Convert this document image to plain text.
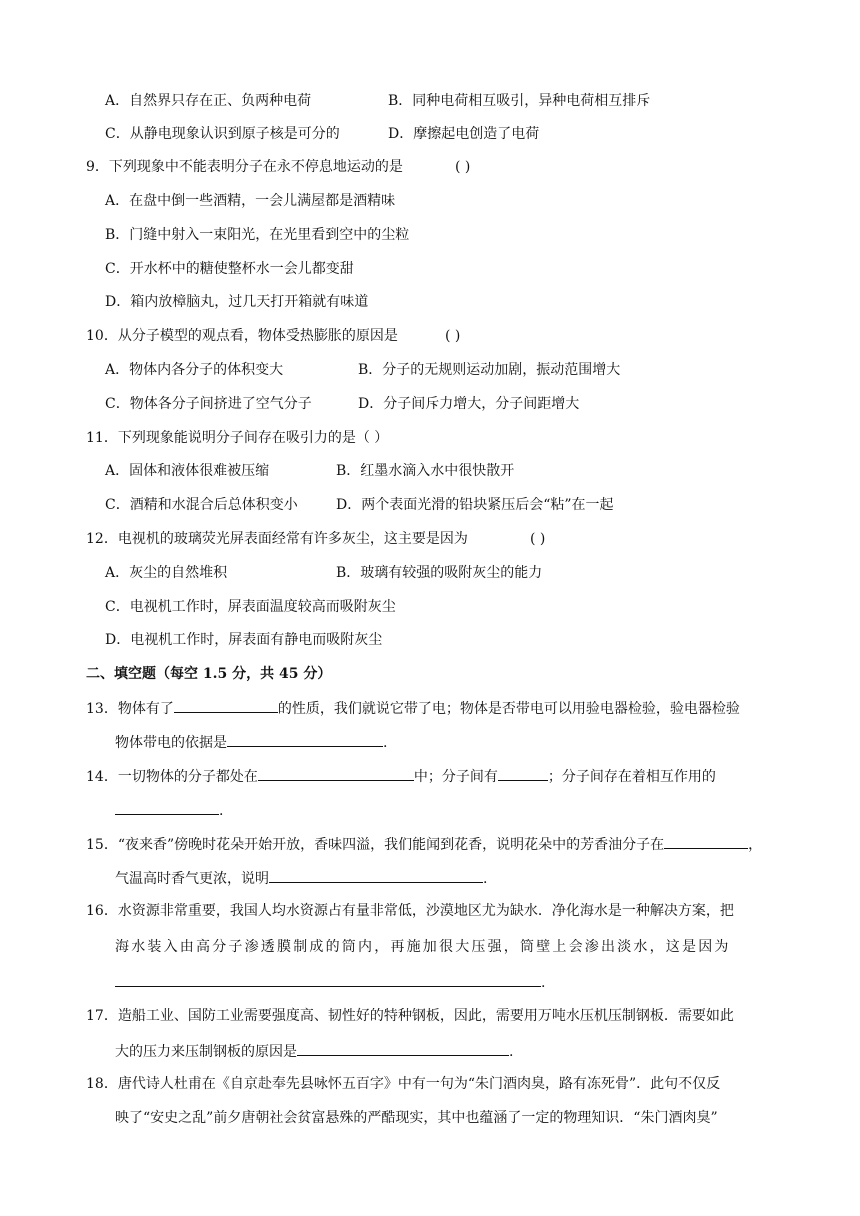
A．自然界只存在正、负两种电荷	B．同种电荷相互吸引，异种电荷相互排斥
C．从静电现象认识到原子核是可分的	D．摩擦起电创造了电荷
9．下列现象中不能表明分子在永不停息地运动的是	( )
A．在盘中倒一些酒精，一会儿满屋都是酒精味
B．门缝中射入一束阳光，在光里看到空中的尘粒
C．开水杯中的糖使整杯水一会儿都变甜
D．箱内放樟脑丸，过几天打开箱就有味道
10．从分子模型的观点看，物体受热膨胀的原因是	( )
A．物体内各分子的体积变大	B．分子的无规则运动加剧，振动范围增大
C．物体各分子间挤进了空气分子	D．分子间斥力增大，分子间距增大
11．下列现象能说明分子间存在吸引力的是（ ）
A．固体和液体很难被压缩	B．红墨水滴入水中很快散开
C．酒精和水混合后总体积变小	D．两个表面光滑的铅块紧压后会“粘”在一起
12．电视机的玻璃荧光屏表面经常有许多灰尘，这主要是因为	( )
A．灰尘的自然堆积	B．玻璃有较强的吸附灰尘的能力
C．电视机工作时，屏表面温度较高而吸附灰尘
D．电视机工作时，屏表面有静电而吸附灰尘
二、填空题（每空 1.5 分，共 45 分）
13．物体有了	的性质，我们就说它带了电；物体是否带电可以用验电器检验，验电器检验
物体带电的依据是	.
14．一切物体的分子都处在	中；分子间有	；分子间存在着相互作用的
.
15．“夜来香”傍晚时花朵开始开放，香味四溢，我们能闻到花香，说明花朵中的芳香油分子在	，
气温高时香气更浓，说明	.
16．水资源非常重要，我国人均水资源占有量非常低，沙漠地区尤为缺水．净化海水是一种解决方案，把
海水装入由高分子渗透膜制成的筒内，再施加很大压强，筒壁上会渗出淡水，这是因为
.
17．造船工业、国防工业需要强度高、韧性好的特种钢板，因此，需要用万吨水压机压制钢板．需要如此
大的压力来压制钢板的原因是	.
18．唐代诗人杜甫在《自京赴奉先县咏怀五百字》中有一句为“朱门酒肉臭，路有冻死骨”．此句不仅反
映了“安史之乱”前夕唐朝社会贫富悬殊的严酷现实，其中也蕴涵了一定的物理知识．“朱门酒肉臭”
